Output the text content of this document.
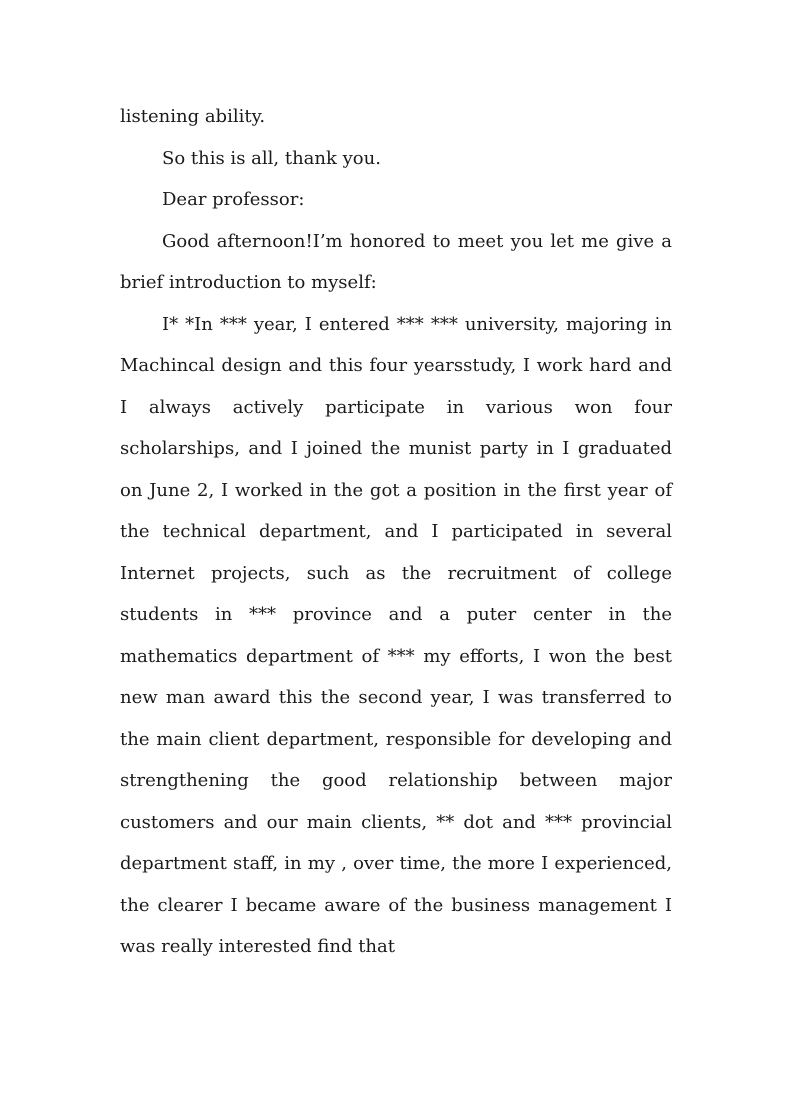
listening ability.

So this is all, thank you.

Dear professor:

Good afternoon!I’m honored to meet you let me give a brief introduction to myself:

I* *In *** year, I entered *** *** university, majoring in Machincal design and this four yearsstudy, I work hard and I always actively participate in various won four scholarships, and I joined the munist party in I graduated on June 2, I worked in the got a position in the first year of the technical department, and I participated in several Internet projects, such as the recruitment of college students in *** province and a puter center in the mathematics department of *** my efforts, I won the best new man award this the second year, I was transferred to the main client department, responsible for developing and strengthening the good relationship between major customers and our main clients, ** dot and *** provincial department staff, in my , over time, the more I experienced, the clearer I became aware of the business management I was really interested find that
